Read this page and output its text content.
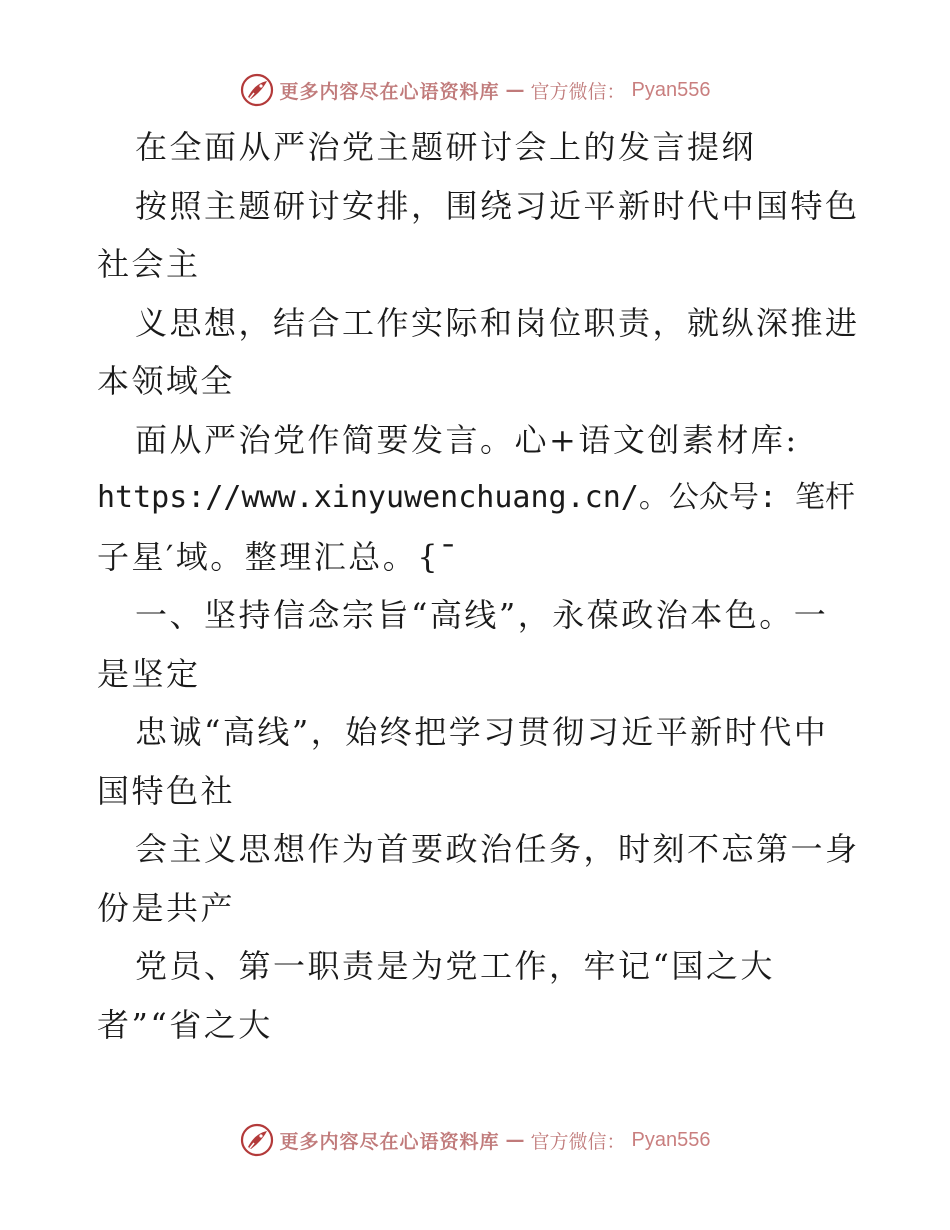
更多内容尽在心语资料库 — 官方微信： Pyan556
在全面从严治党主题研讨会上的发言提纲
按照主题研讨安排，围绕习近平新时代中国特色
社会主
义思想，结合工作实际和岗位职责，就纵深推进
本领域全
面从严治党作简要发言。心+语文创素材库:
https://www.xinyuwenchuang.cn/。公众号: 笔杆
子星′域。整理汇总。{¯
一、坚持信念宗旨“高线”，永葆政治本色。一
是坚定
忠诚“高线”，始终把学习贯彻习近平新时代中
国特色社
会主义思想作为首要政治任务，时刻不忘第一身
份是共产
党员、第一职责是为党工作，牢记“国之大
者”“省之大
更多内容尽在心语资料库 — 官方微信： Pyan556
